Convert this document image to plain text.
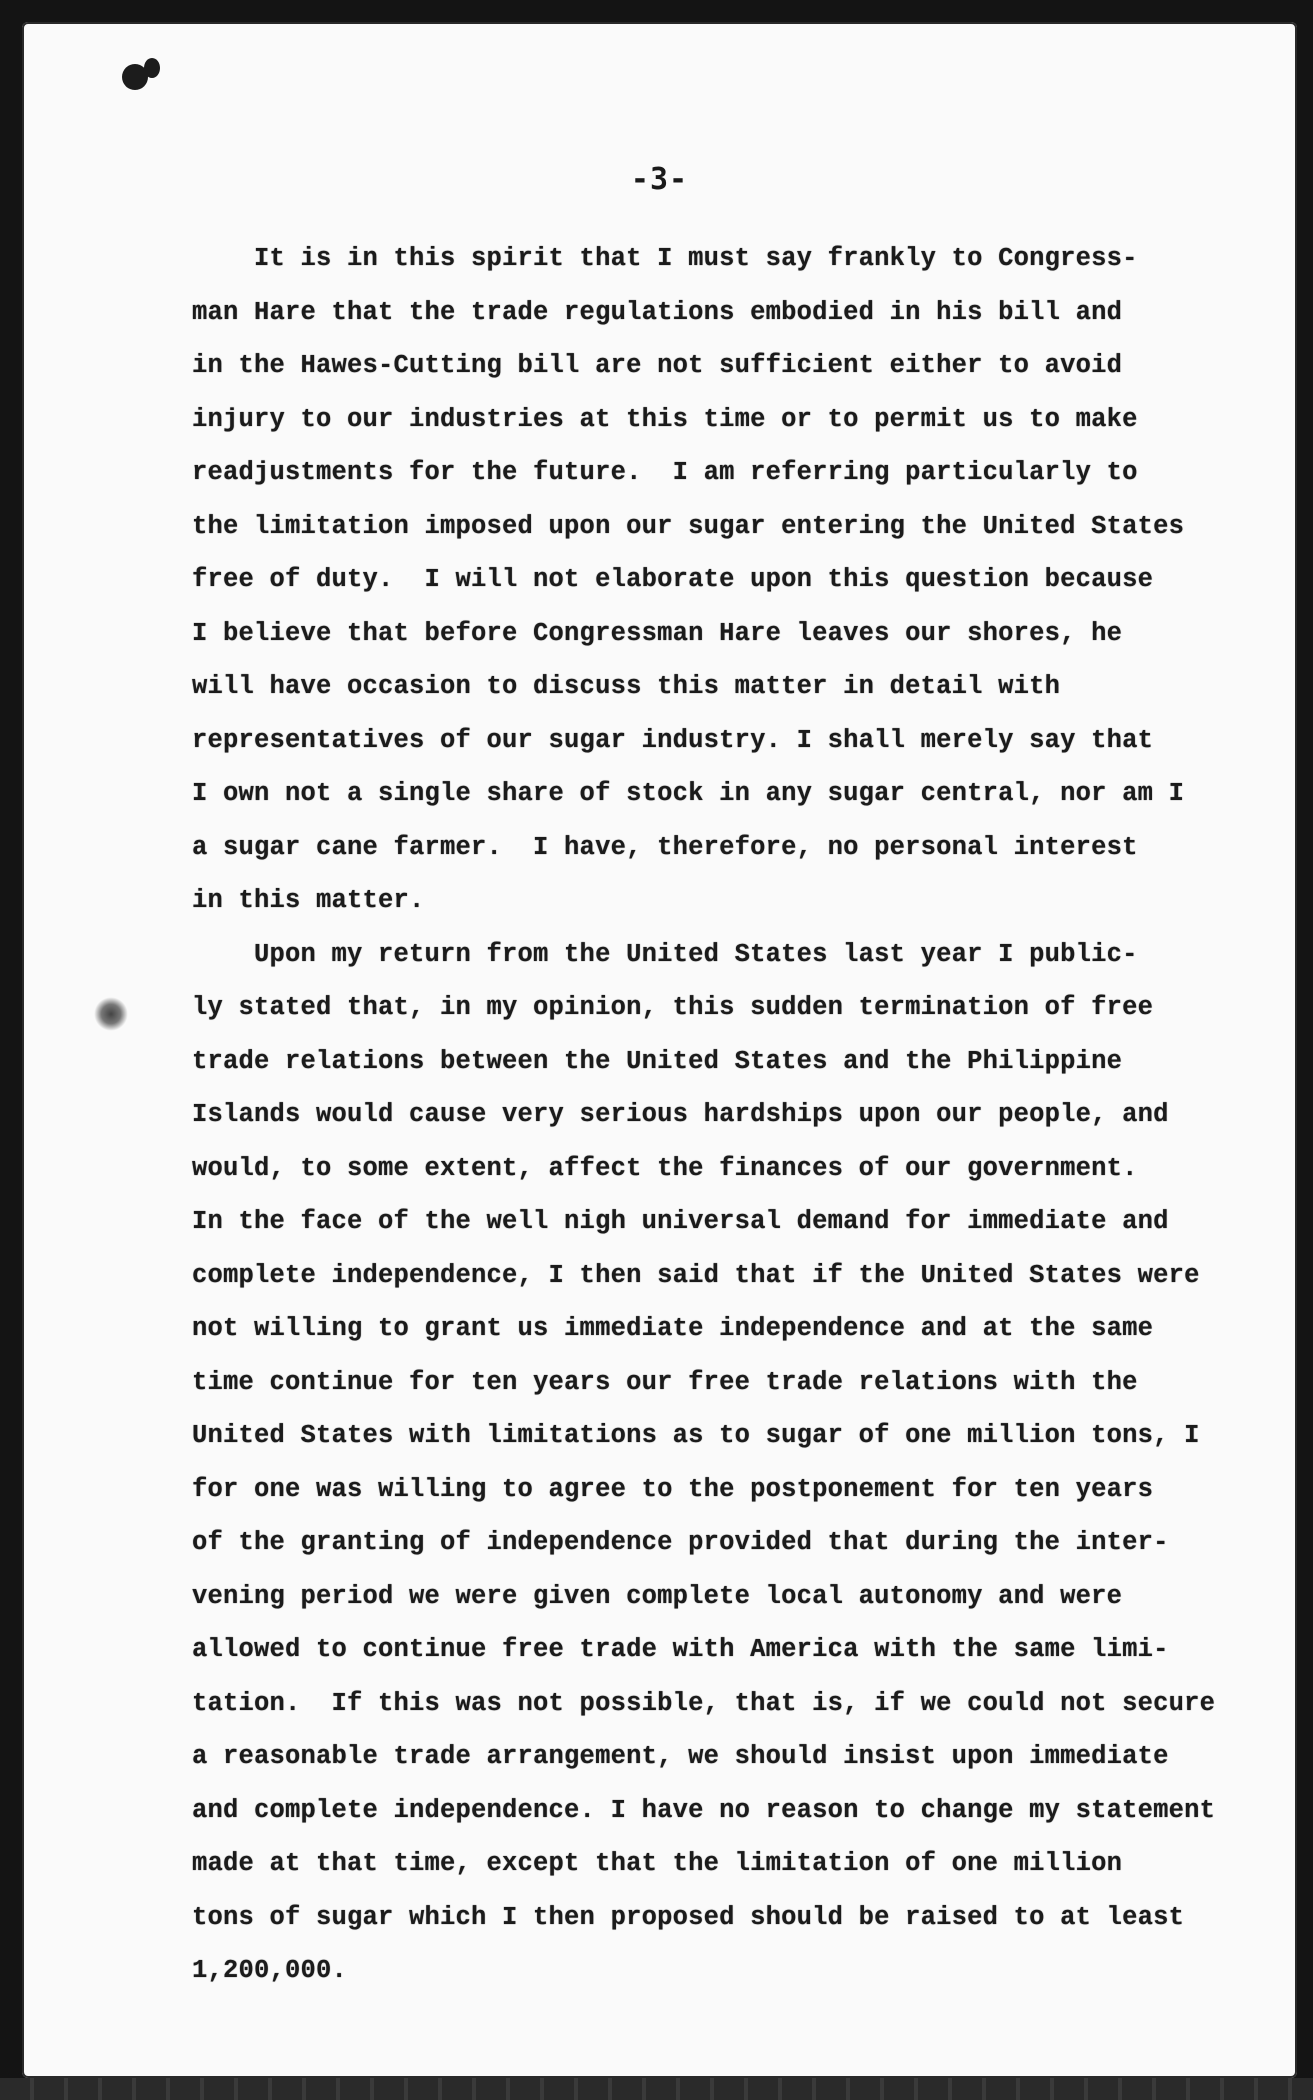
-3-
It is in this spirit that I must say frankly to Congress-
man Hare that the trade regulations embodied in his bill and
in the Hawes-Cutting bill are not sufficient either to avoid
injury to our industries at this time or to permit us to make
readjustments for the future.  I am referring particularly to
the limitation imposed upon our sugar entering the United States
free of duty.  I will not elaborate upon this question because
I believe that before Congressman Hare leaves our shores, he
will have occasion to discuss this matter in detail with
representatives of our sugar industry. I shall merely say that
I own not a single share of stock in any sugar central, nor am I
a sugar cane farmer.  I have, therefore, no personal interest
in this matter.
Upon my return from the United States last year I public-
ly stated that, in my opinion, this sudden termination of free
trade relations between the United States and the Philippine
Islands would cause very serious hardships upon our people, and
would, to some extent, affect the finances of our government.
In the face of the well nigh universal demand for immediate and
complete independence, I then said that if the United States were
not willing to grant us immediate independence and at the same
time continue for ten years our free trade relations with the
United States with limitations as to sugar of one million tons, I
for one was willing to agree to the postponement for ten years
of the granting of independence provided that during the inter-
vening period we were given complete local autonomy and were
allowed to continue free trade with America with the same limi-
tation.  If this was not possible, that is, if we could not secure
a reasonable trade arrangement, we should insist upon immediate
and complete independence. I have no reason to change my statement
made at that time, except that the limitation of one million
tons of sugar which I then proposed should be raised to at least
1,200,000.
